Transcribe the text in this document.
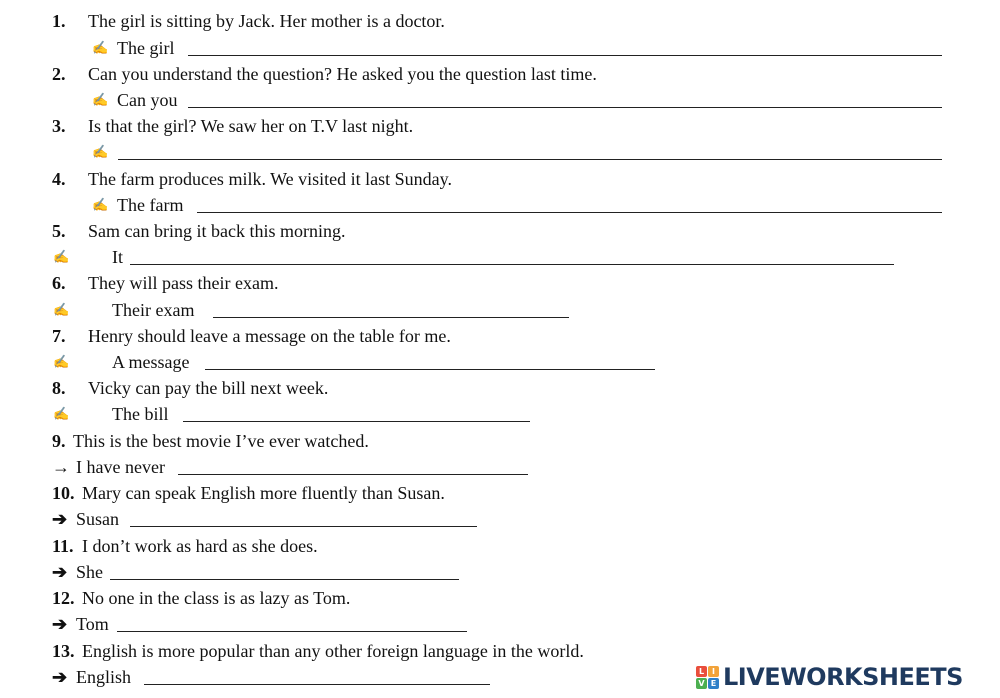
1. The girl is sitting by Jack. Her mother is a doctor.
✍ The girl
2. Can you understand the question? He asked you the question last time.
✍ Can you
3. Is that the girl? We saw her on T.V last night.
✍
4. The farm produces milk. We visited it last Sunday.
✍ The farm
5. Sam can bring it back this morning.
✍ It
6. They will pass their exam.
✍ Their exam
7. Henry should leave a message on the table for me.
✍ A message
8. Vicky can pay the bill next week.
✍ The bill
9. This is the best movie I’ve ever watched.
→ I have never
10. Mary can speak English more fluently than Susan.
➔ Susan
11. I don’t work as hard as she does.
➔ She
12. No one in the class is as lazy as Tom.
➔ Tom
13. English is more popular than any other foreign language in the world.
➔ English	L I
V E LIVEWORKSHEETS
